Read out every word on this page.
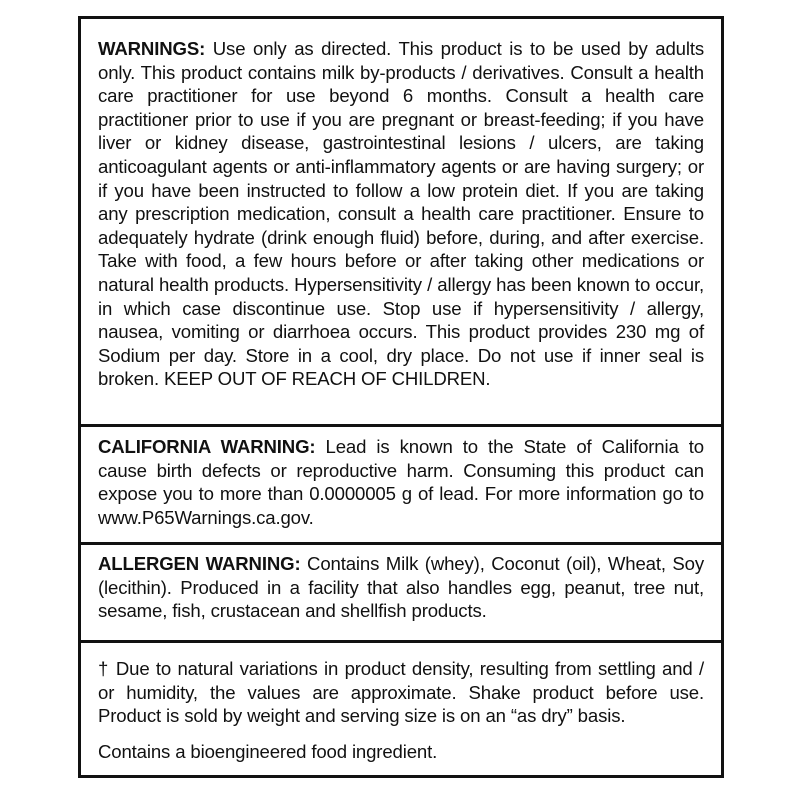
WARNINGS: Use only as directed. This product is to be used by adults only. This product contains milk by-products / derivatives. Consult a health care practitioner for use beyond 6 months. Consult a health care practitioner prior to use if you are pregnant or breast-feeding; if you have liver or kidney disease, gastrointestinal lesions / ulcers, are taking anticoagulant agents or anti-inflammatory agents or are having surgery; or if you have been instructed to follow a low protein diet. If you are taking any prescription medication, consult a health care practitioner. Ensure to adequately hydrate (drink enough fluid) before, during, and after exercise. Take with food, a few hours before or after taking other medications or natural health products. Hypersensitivity / allergy has been known to occur, in which case discontinue use. Stop use if hypersensitivity / allergy, nausea, vomiting or diarrhoea occurs. This product provides 230 mg of Sodium per day. Store in a cool, dry place. Do not use if inner seal is broken. KEEP OUT OF REACH OF CHILDREN.
CALIFORNIA WARNING: Lead is known to the State of California to cause birth defects or reproductive harm. Consuming this product can expose you to more than 0.0000005 g of lead. For more information go to www.P65Warnings.ca.gov.
ALLERGEN WARNING: Contains Milk (whey), Coconut (oil), Wheat, Soy (lecithin). Produced in a facility that also handles egg, peanut, tree nut, sesame, fish, crustacean and shellfish products.
† Due to natural variations in product density, resulting from settling and / or humidity, the values are approximate. Shake product before use. Product is sold by weight and serving size is on an “as dry” basis.
Contains a bioengineered food ingredient.
